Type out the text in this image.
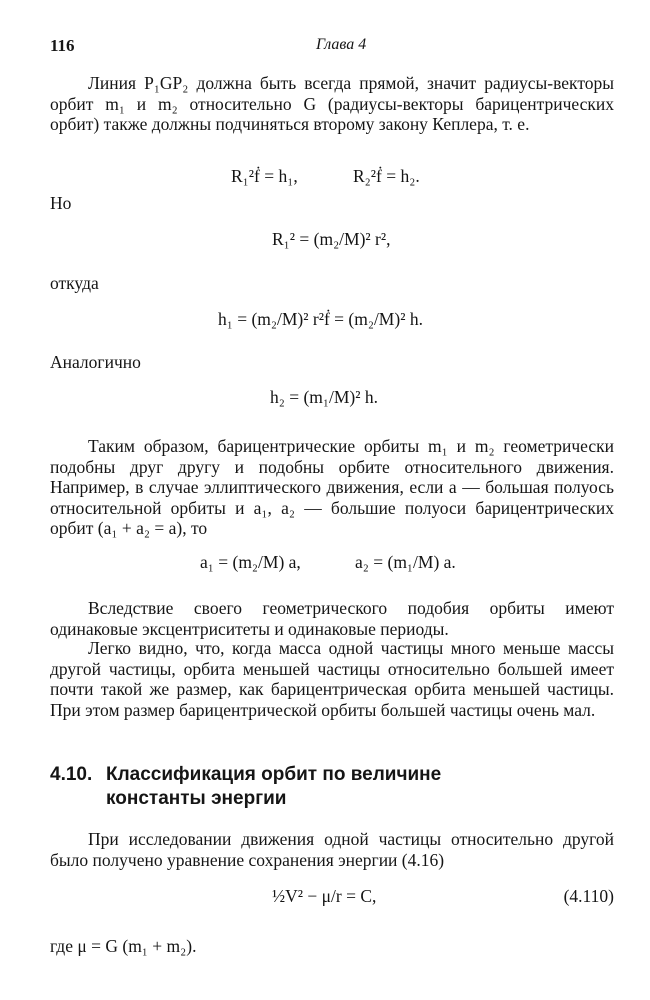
116	Глава 4

Линия P₁GP₂ должна быть всегда прямой, значит радиусы-векторы орбит m₁ и m₂ относительно G (радиусы-векторы барицентрических орбит) также должны подчиняться второму закону Кеплера, т. е.

R₁²ḟ = h₁,	R₂²ḟ = h₂.

Но

R₁² = (m₂/M)² r²,

откуда

h₁ = (m₂/M)² r²ḟ = (m₂/M)² h.

Аналогично

h₂ = (m₁/M)² h.

Таким образом, барицентрические орбиты m₁ и m₂ геометрически подобны друг другу и подобны орбите относительного движения. Например, в случае эллиптического движения, если a — большая полуось относительной орбиты и a₁, a₂ — большие полуоси барицентрических орбит (a₁ + a₂ = a), то

a₁ = (m₂/M) a,	a₂ = (m₁/M) a.

Вследствие своего геометрического подобия орбиты имеют одинаковые эксцентриситеты и одинаковые периоды.

Легко видно, что, когда масса одной частицы много меньше массы другой частицы, орбита меньшей частицы относительно большей имеет почти такой же размер, как барицентрическая орбита меньшей частицы. При этом размер барицентрической орбиты большей частицы очень мал.

4.10. Классификация орбит по величине
константы энергии

При исследовании движения одной частицы относительно другой было получено уравнение сохранения энергии (4.16)

½V² − μ/r = C,	(4.110)

где μ = G (m₁ + m₂).
